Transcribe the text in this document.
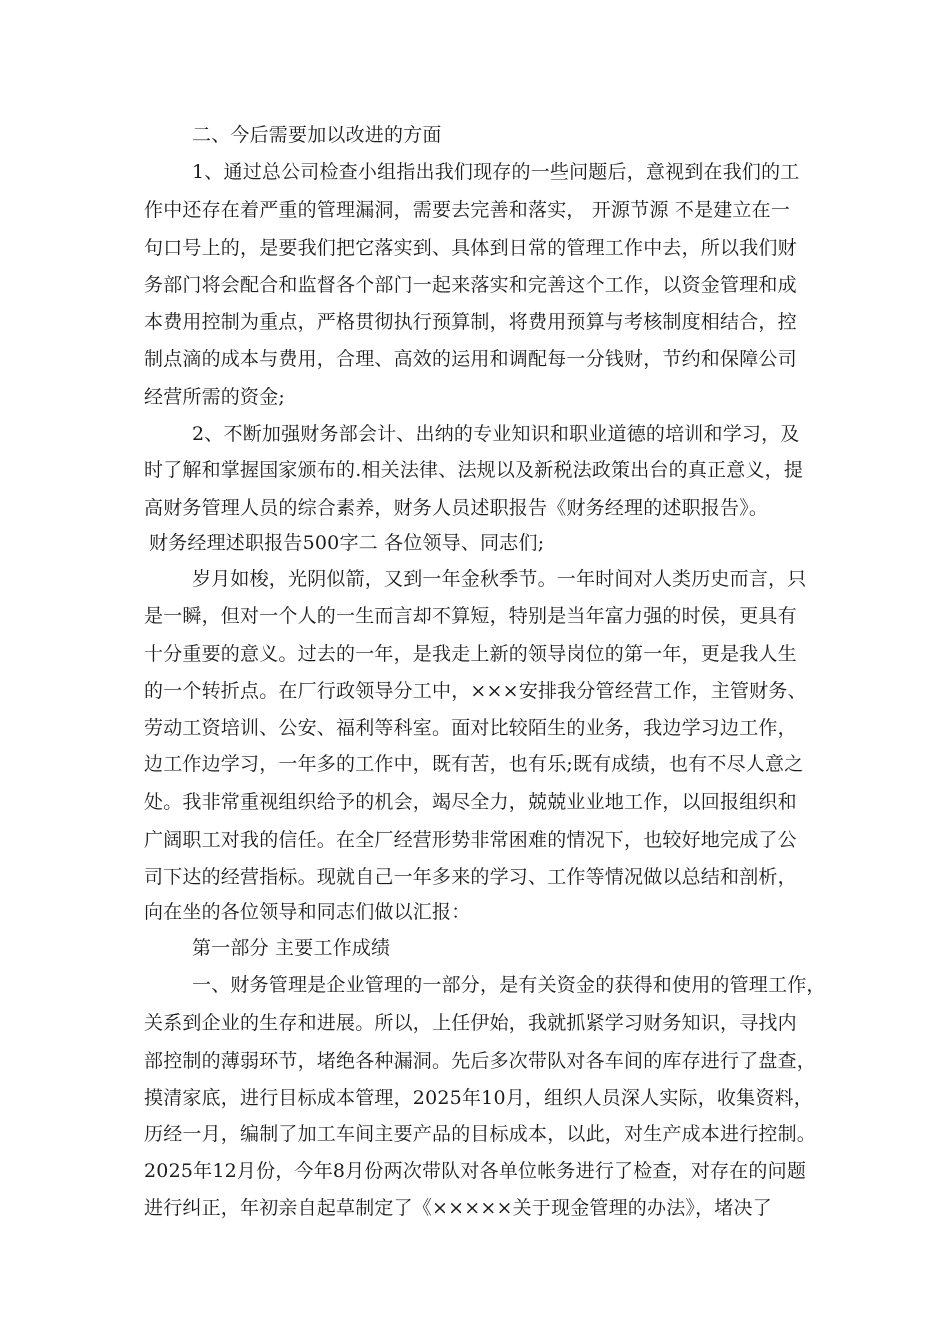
二、今后需要加以改进的方面
1、通过总公司检查小组指出我们现存的一些问题后，意视到在我们的工
作中还存在着严重的管理漏洞，需要去完善和落实， 开源节源 不是建立在一
句口号上的，是要我们把它落实到、具体到日常的管理工作中去，所以我们财
务部门将会配合和监督各个部门一起来落实和完善这个工作，以资金管理和成
本费用控制为重点，严格贯彻执行预算制，将费用预算与考核制度相结合，控
制点滴的成本与费用，合理、高效的运用和调配每一分钱财，节约和保障公司
经营所需的资金;
2、不断加强财务部会计、出纳的专业知识和职业道德的培训和学习，及
时了解和掌握国家颁布的.相关法律、法规以及新税法政策出台的真正意义，提
高财务管理人员的综合素养，财务人员述职报告《财务经理的述职报告》。
财务经理述职报告500字二 各位领导、同志们;
岁月如梭，光阴似箭，又到一年金秋季节。一年时间对人类历史而言，只
是一瞬，但对一个人的一生而言却不算短，特别是当年富力强的时侯，更具有
十分重要的意义。过去的一年，是我走上新的领导岗位的第一年，更是我人生
的一个转折点。在厂行政领导分工中，×××安排我分管经营工作，主管财务、
劳动工资培训、公安、福利等科室。面对比较陌生的业务，我边学习边工作，
边工作边学习，一年多的工作中，既有苦，也有乐;既有成绩，也有不尽人意之
处。我非常重视组织给予的机会，竭尽全力，兢兢业业地工作，以回报组织和
广阔职工对我的信任。在全厂经营形势非常困难的情况下，也较好地完成了公
司下达的经营指标。现就自己一年多来的学习、工作等情况做以总结和剖析，
向在坐的各位领导和同志们做以汇报：
第一部分 主要工作成绩
一、财务管理是企业管理的一部分，是有关资金的获得和使用的管理工作，
关系到企业的生存和进展。所以，上任伊始，我就抓紧学习财务知识，寻找内
部控制的薄弱环节，堵绝各种漏洞。先后多次带队对各车间的库存进行了盘查，
摸清家底，进行目标成本管理，2025年10月，组织人员深人实际，收集资料，
历经一月，编制了加工车间主要产品的目标成本，以此，对生产成本进行控制。
2025年12月份，今年8月份两次带队对各单位帐务进行了检查，对存在的问题
进行纠正，年初亲自起草制定了《×××××关于现金管理的办法》，堵决了
